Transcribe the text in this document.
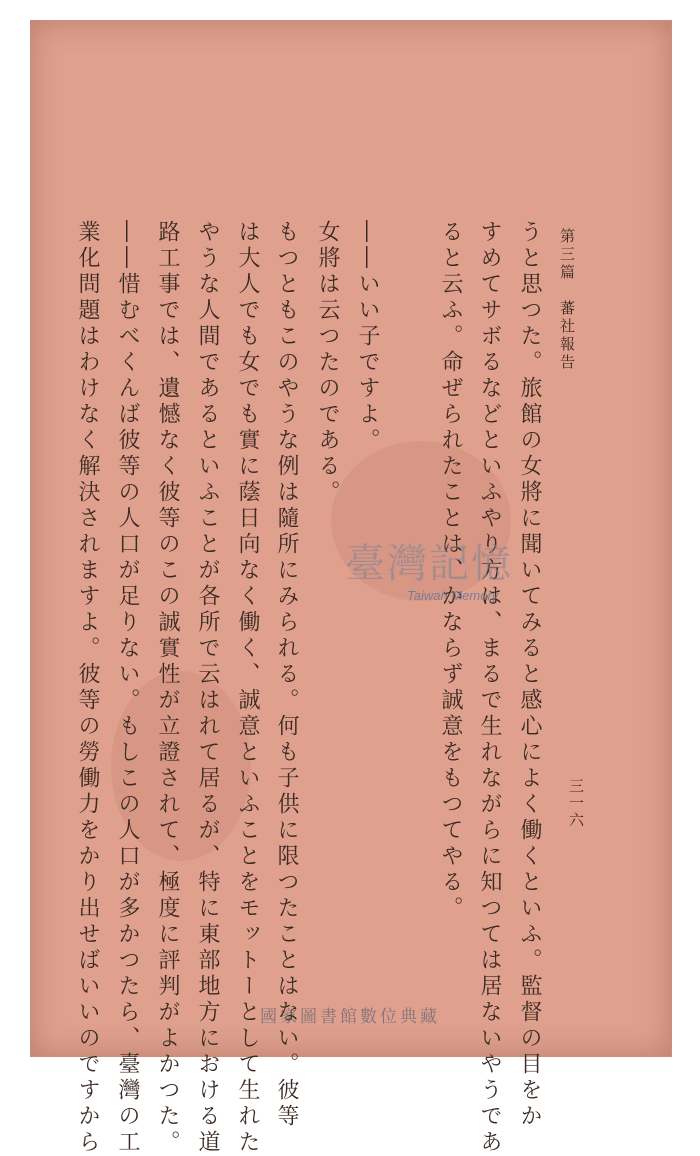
第三篇　蕃社報告
三一六
うと思つた。旅館の女將に聞いてみると感心によく働くといふ。監督の目をか
すめてサボるなどといふやり方は、まるで生れながらに知つては居ないやうであ
ると云ふ。命ぜられたことは、かならず誠意をもつてやる。
――いい子ですよ。
女將は云つたのである。
もつともこのやうな例は隨所にみられる。何も子供に限つたことはない。彼等
は大人でも女でも實に蔭日向なく働く、誠意といふことをモットーとして生れた
やうな人間であるといふことが各所で云はれて居るが、特に東部地方における道
路工事では、遺憾なく彼等のこの誠實性が立證されて、極度に評判がよかつた。
――惜むべくんば彼等の人口が足りない。もしこの人口が多かつたら、臺灣の工
業化問題はわけなく解決されますよ。彼等の勞働力をかり出せばいいのですから	臺灣記憶
Taiwan Memory
國家圖書館數位典藏
